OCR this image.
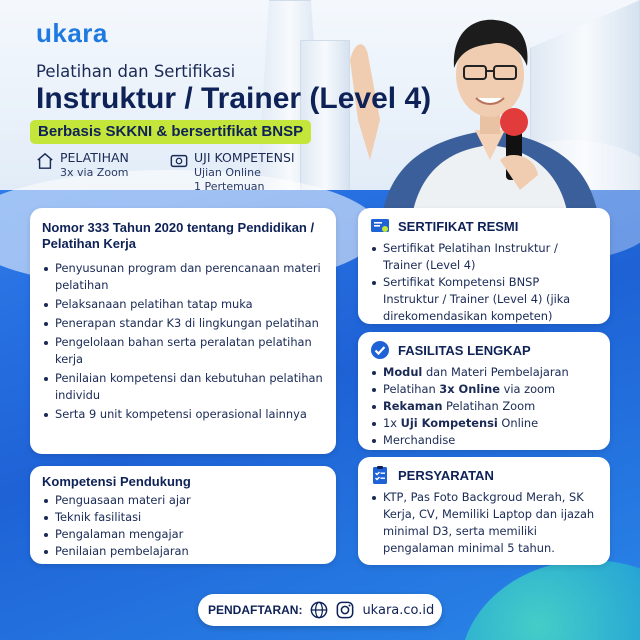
ukara
Pelatihan dan Sertifikasi
Instruktur / Trainer (Level 4)
Berbasis SKKNI & bersertifikat BNSP
PELATIHAN
3x via Zoom
UJI KOMPETENSI
Ujian Online
1 Pertemuan
Nomor 333 Tahun 2020 tentang Pendidikan / Pelatihan Kerja
Penyusunan program dan perencanaan materi pelatihan
Pelaksanaan pelatihan tatap muka
Penerapan standar K3 di lingkungan pelatihan
Pengelolaan bahan serta peralatan pelatihan kerja
Penilaian kompetensi dan kebutuhan pelatihan individu
Serta 9 unit kompetensi operasional lainnya
Kompetensi Pendukung
Penguasaan materi ajar
Teknik fasilitasi
Pengalaman mengajar
Penilaian pembelajaran
SERTIFIKAT RESMI
Sertifikat Pelatihan Instruktur / Trainer (Level 4)
Sertifikat Kompetensi BNSP Instruktur / Trainer (Level 4) (jika direkomendasikan kompeten)
FASILITAS LENGKAP
Modul dan Materi Pembelajaran
Pelatihan 3x Online via zoom
Rekaman Pelatihan Zoom
1x Uji Kompetensi Online
Merchandise
PERSYARATAN
KTP, Pas Foto Backgroud Merah, SK Kerja, CV, Memiliki Laptop dan ijazah minimal D3, serta memiliki pengalaman minimal 5 tahun.
PENDAFTARAN:	ukara.co.id
